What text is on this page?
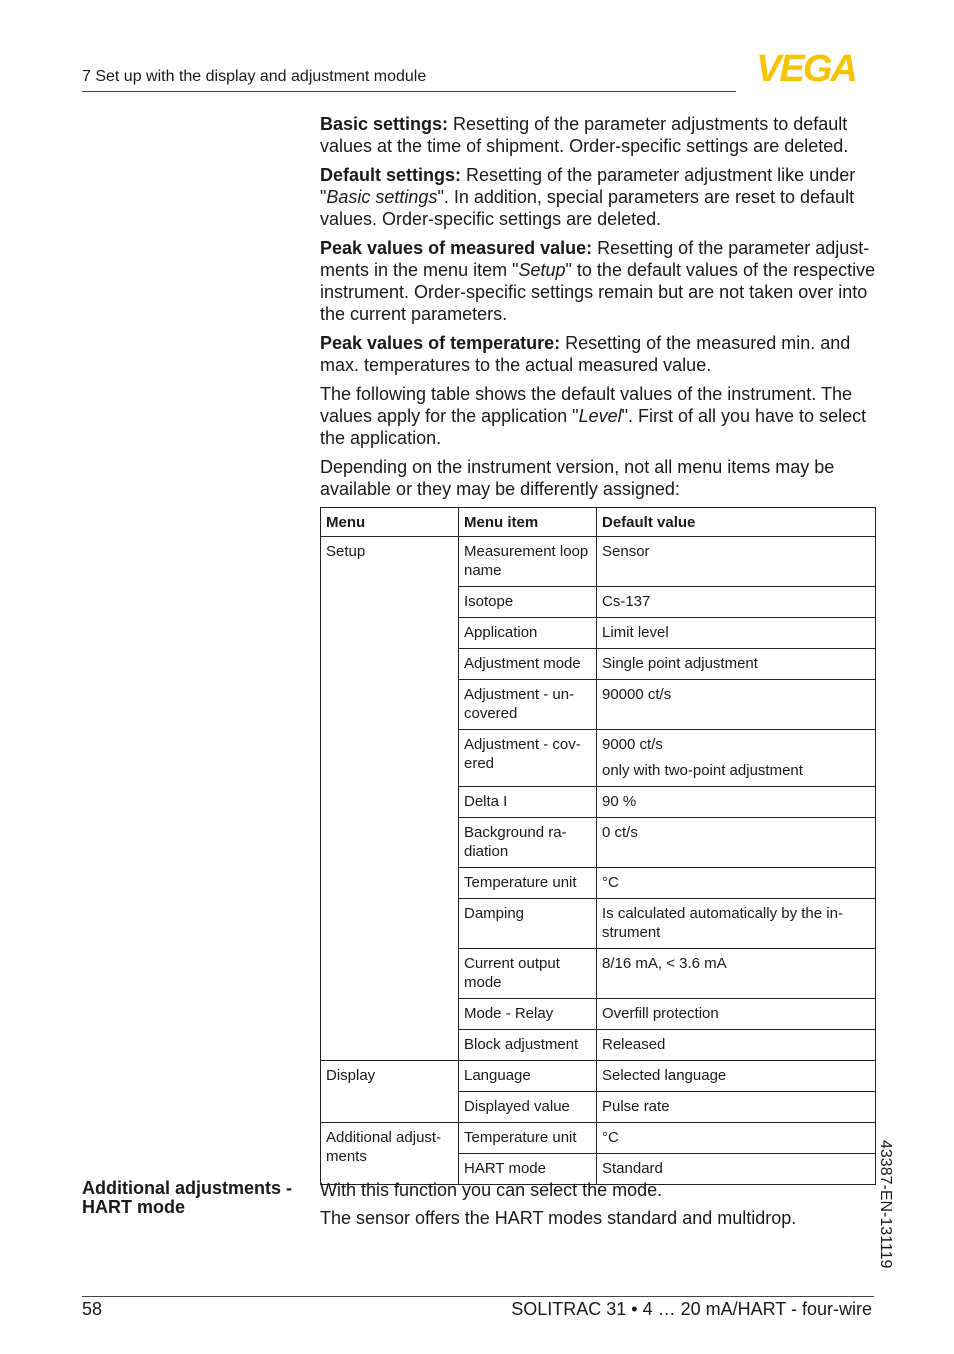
7 Set up with the display and adjustment module	VEGA

Basic settings: Resetting of the parameter adjustments to default values at the time of shipment. Order-specific settings are deleted.

Default settings: Resetting of the parameter adjustment like under "Basic settings". In addition, special parameters are reset to default values. Order-specific settings are deleted.

Peak values of measured value: Resetting of the parameter adjust-ments in the menu item "Setup" to the default values of the respective instrument. Order-specific settings remain but are not taken over into the current parameters.

Peak values of temperature: Resetting of the measured min. and max. temperatures to the actual measured value.

The following table shows the default values of the instrument. The values apply for the application "Level". First of all you have to select the application.

Depending on the instrument version, not all menu items may be available or they may be differently assigned:

Menu	Menu item	Default value
Setup	Measurement loop name	Sensor
	Isotope	Cs-137
	Application	Limit level
	Adjustment mode	Single point adjustment
	Adjustment - un-covered	90000 ct/s
	Adjustment - cov-ered	9000 ct/s
only with two-point adjustment

	Delta I	90 %
	Background ra-diation	0 ct/s
	Temperature unit	°C
	Damping	Is calculated automatically by the in-strument
	Current output mode	8/16 mA, < 3.6 mA
	Mode - Relay	Overfill protection
	Block adjustment	Released
Display	Language	Selected language
	Displayed value	Pulse rate
Additional adjust-ments	Temperature unit	°C
	HART mode	Standard
Additional adjustments - HART mode

With this function you can select the mode.

The sensor offers the HART modes standard and multidrop.	43387-EN-131119
58	SOLITRAC 31 • 4 … 20 mA/HART - four-wire
